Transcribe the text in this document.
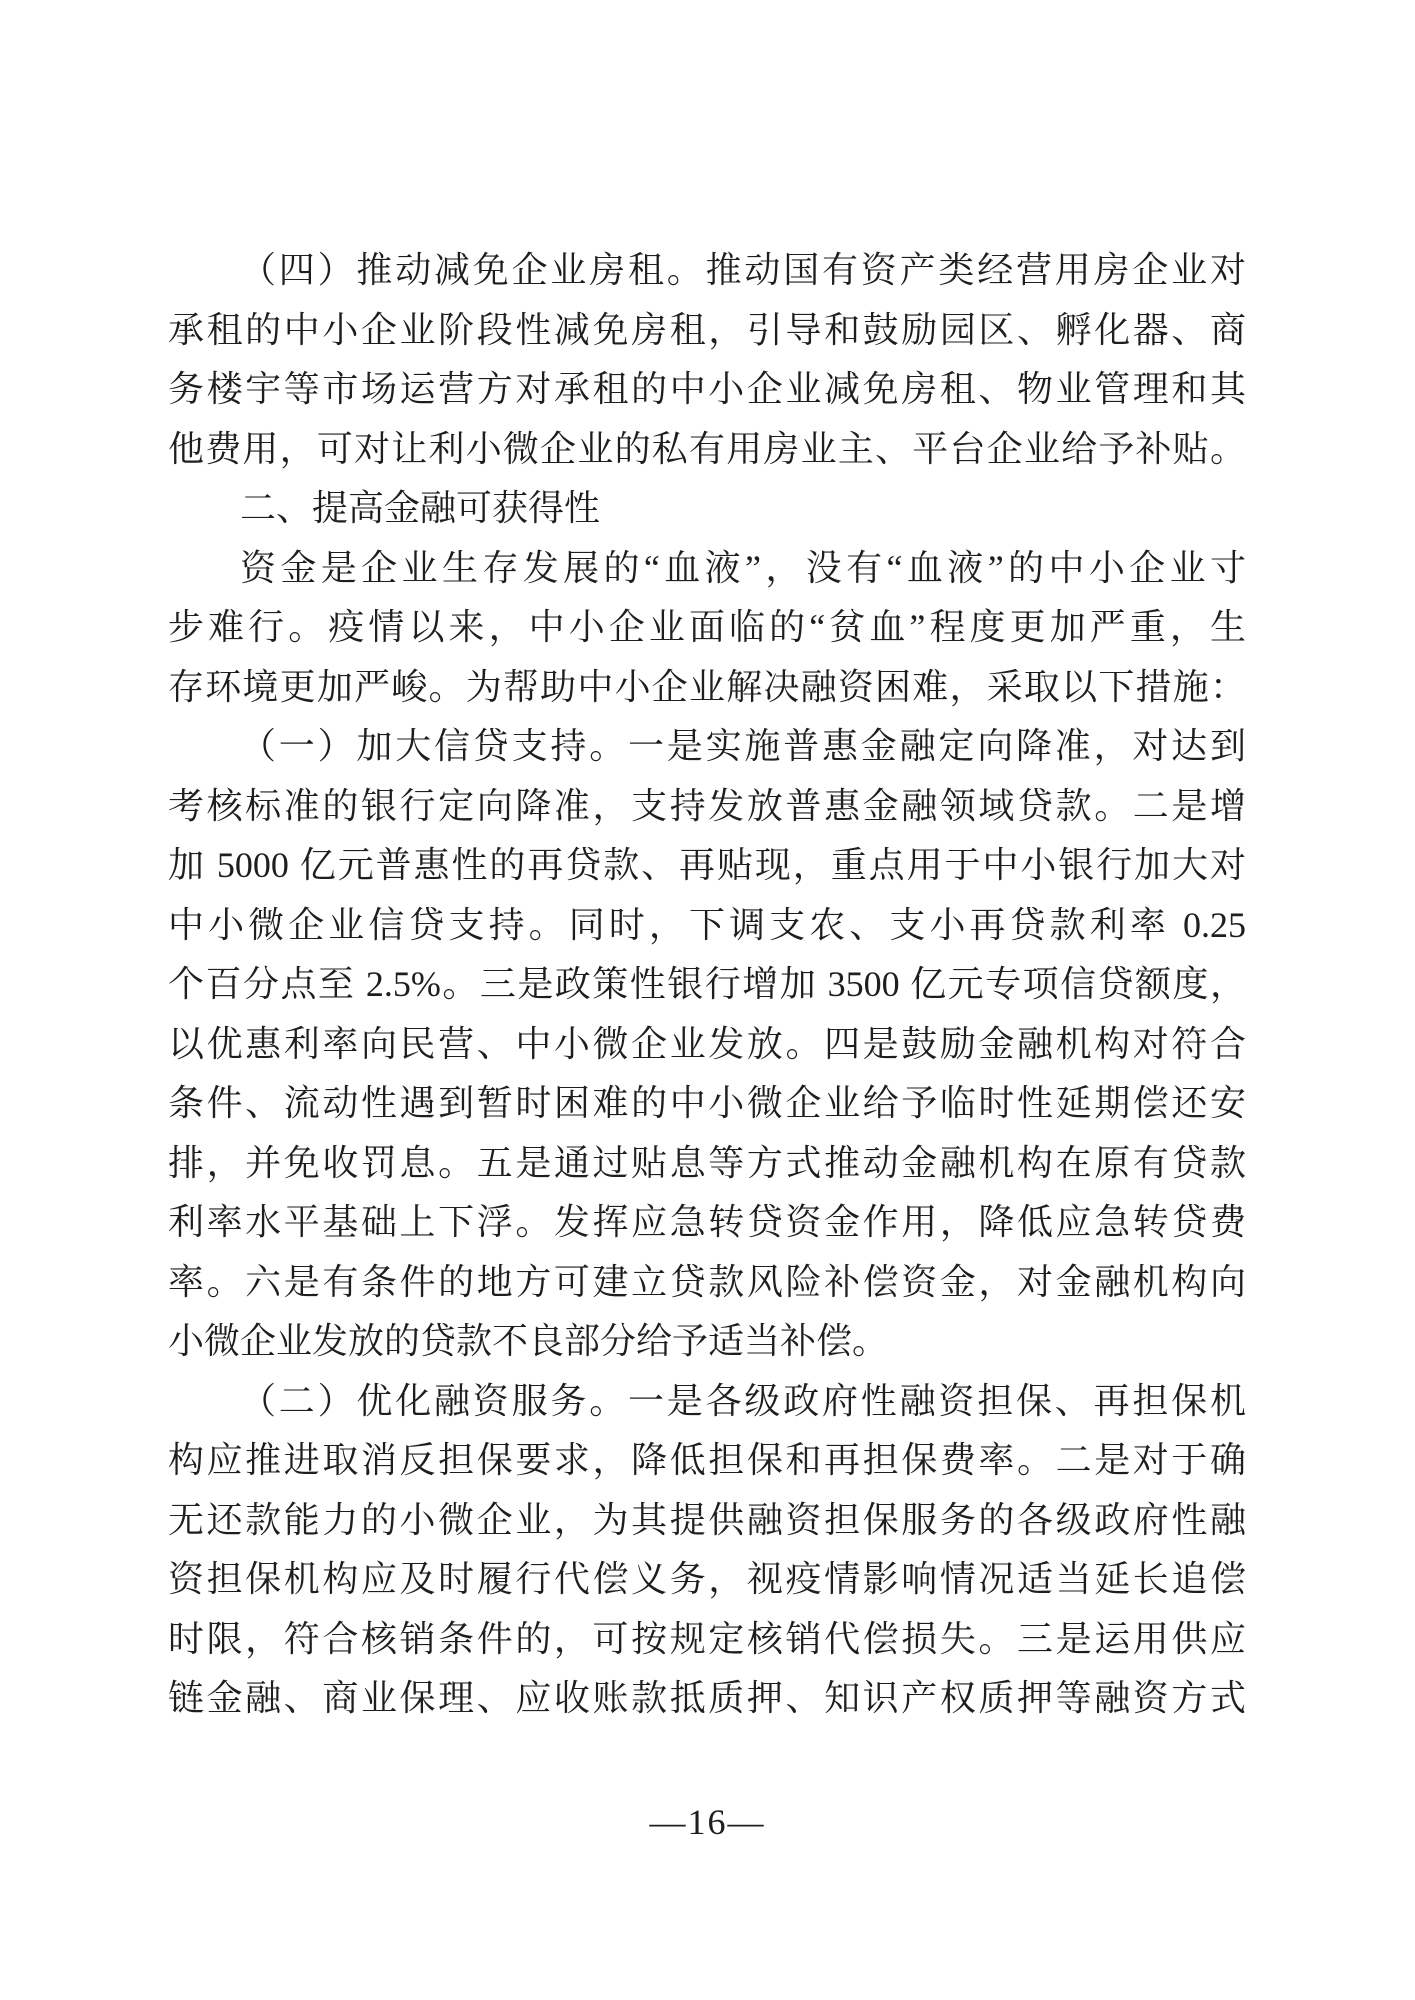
（四）推动减免企业房租。推动国有资产类经营用房企业对
承租的中小企业阶段性减免房租，引导和鼓励园区、孵化器、商
务楼宇等市场运营方对承租的中小企业减免房租、物业管理和其
他费用，可对让利小微企业的私有用房业主、平台企业给予补贴。
二、提高金融可获得性
资金是企业生存发展的“血液”，没有“血液”的中小企业寸
步难行。疫情以来，中小企业面临的“贫血”程度更加严重，生
存环境更加严峻。为帮助中小企业解决融资困难，采取以下措施：
（一）加大信贷支持。一是实施普惠金融定向降准，对达到
考核标准的银行定向降准，支持发放普惠金融领域贷款。二是增
加 5000 亿元普惠性的再贷款、再贴现，重点用于中小银行加大对
中小微企业信贷支持。同时，下调支农、支小再贷款利率 0.25
个百分点至 2.5%。三是政策性银行增加 3500 亿元专项信贷额度，
以优惠利率向民营、中小微企业发放。四是鼓励金融机构对符合
条件、流动性遇到暂时困难的中小微企业给予临时性延期偿还安
排，并免收罚息。五是通过贴息等方式推动金融机构在原有贷款
利率水平基础上下浮。发挥应急转贷资金作用，降低应急转贷费
率。六是有条件的地方可建立贷款风险补偿资金，对金融机构向
小微企业发放的贷款不良部分给予适当补偿。
（二）优化融资服务。一是各级政府性融资担保、再担保机
构应推进取消反担保要求，降低担保和再担保费率。二是对于确
无还款能力的小微企业，为其提供融资担保服务的各级政府性融
资担保机构应及时履行代偿义务，视疫情影响情况适当延长追偿
时限，符合核销条件的，可按规定核销代偿损失。三是运用供应
链金融、商业保理、应收账款抵质押、知识产权质押等融资方式
—16—
